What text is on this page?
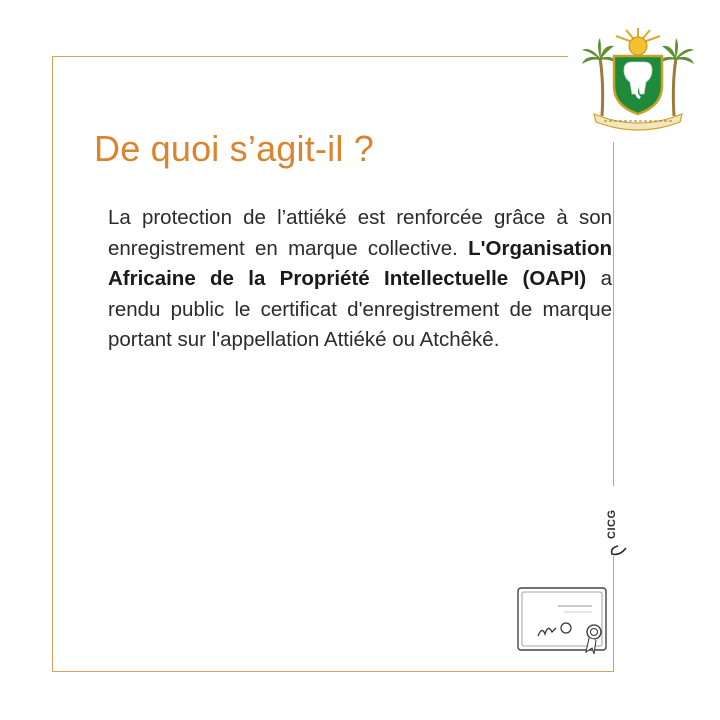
De quoi s’agit-il ?

La protection de l’attiéké est renforcée grâce à son enregistrement en marque collective. L'Organisation Africaine de la Propriété Intellectuelle (OAPI) a rendu public le certificat d'enregistrement de marque portant sur l'appellation Attiéké ou Atchêkê.

CICG
